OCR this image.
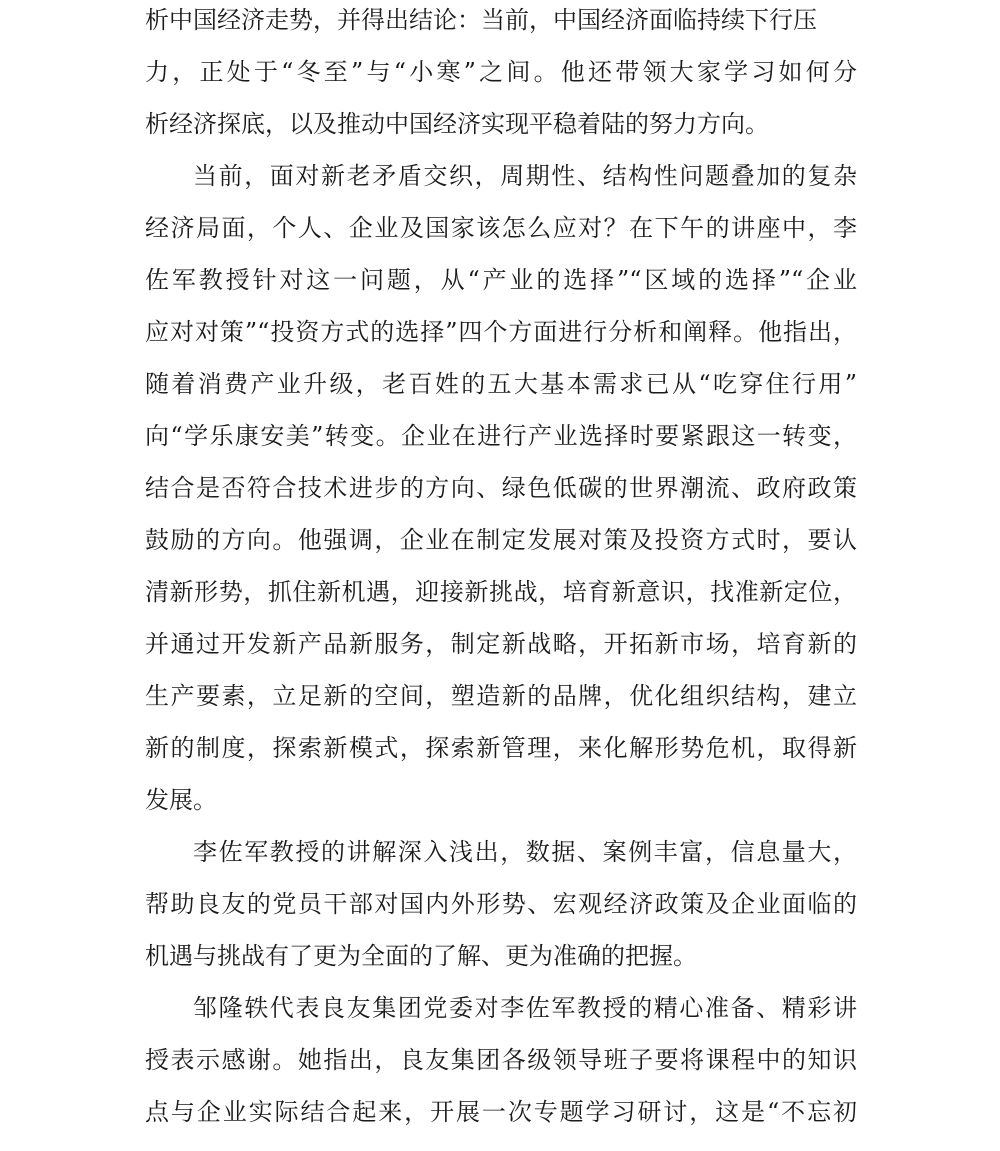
析中国经济走势，并得出结论：当前，中国经济面临持续下行压
力，正处于“冬至”与“小寒”之间。他还带领大家学习如何分
析经济探底，以及推动中国经济实现平稳着陆的努力方向。
当前，面对新老矛盾交织，周期性、结构性问题叠加的复杂
经济局面，个人、企业及国家该怎么应对？在下午的讲座中，李
佐军教授针对这一问题，从“产业的选择”“区域的选择”“企业
应对对策”“投资方式的选择”四个方面进行分析和阐释。他指出，
随着消费产业升级，老百姓的五大基本需求已从“吃穿住行用”
向“学乐康安美”转变。企业在进行产业选择时要紧跟这一转变，
结合是否符合技术进步的方向、绿色低碳的世界潮流、政府政策
鼓励的方向。他强调，企业在制定发展对策及投资方式时，要认
清新形势，抓住新机遇，迎接新挑战，培育新意识，找准新定位，
并通过开发新产品新服务，制定新战略，开拓新市场，培育新的
生产要素，立足新的空间，塑造新的品牌，优化组织结构，建立
新的制度，探索新模式，探索新管理，来化解形势危机，取得新
发展。
李佐军教授的讲解深入浅出，数据、案例丰富，信息量大，
帮助良友的党员干部对国内外形势、宏观经济政策及企业面临的
机遇与挑战有了更为全面的了解、更为准确的把握。
邹隆轶代表良友集团党委对李佐军教授的精心准备、精彩讲
授表示感谢。她指出，良友集团各级领导班子要将课程中的知识
点与企业实际结合起来，开展一次专题学习研讨，这是“不忘初
